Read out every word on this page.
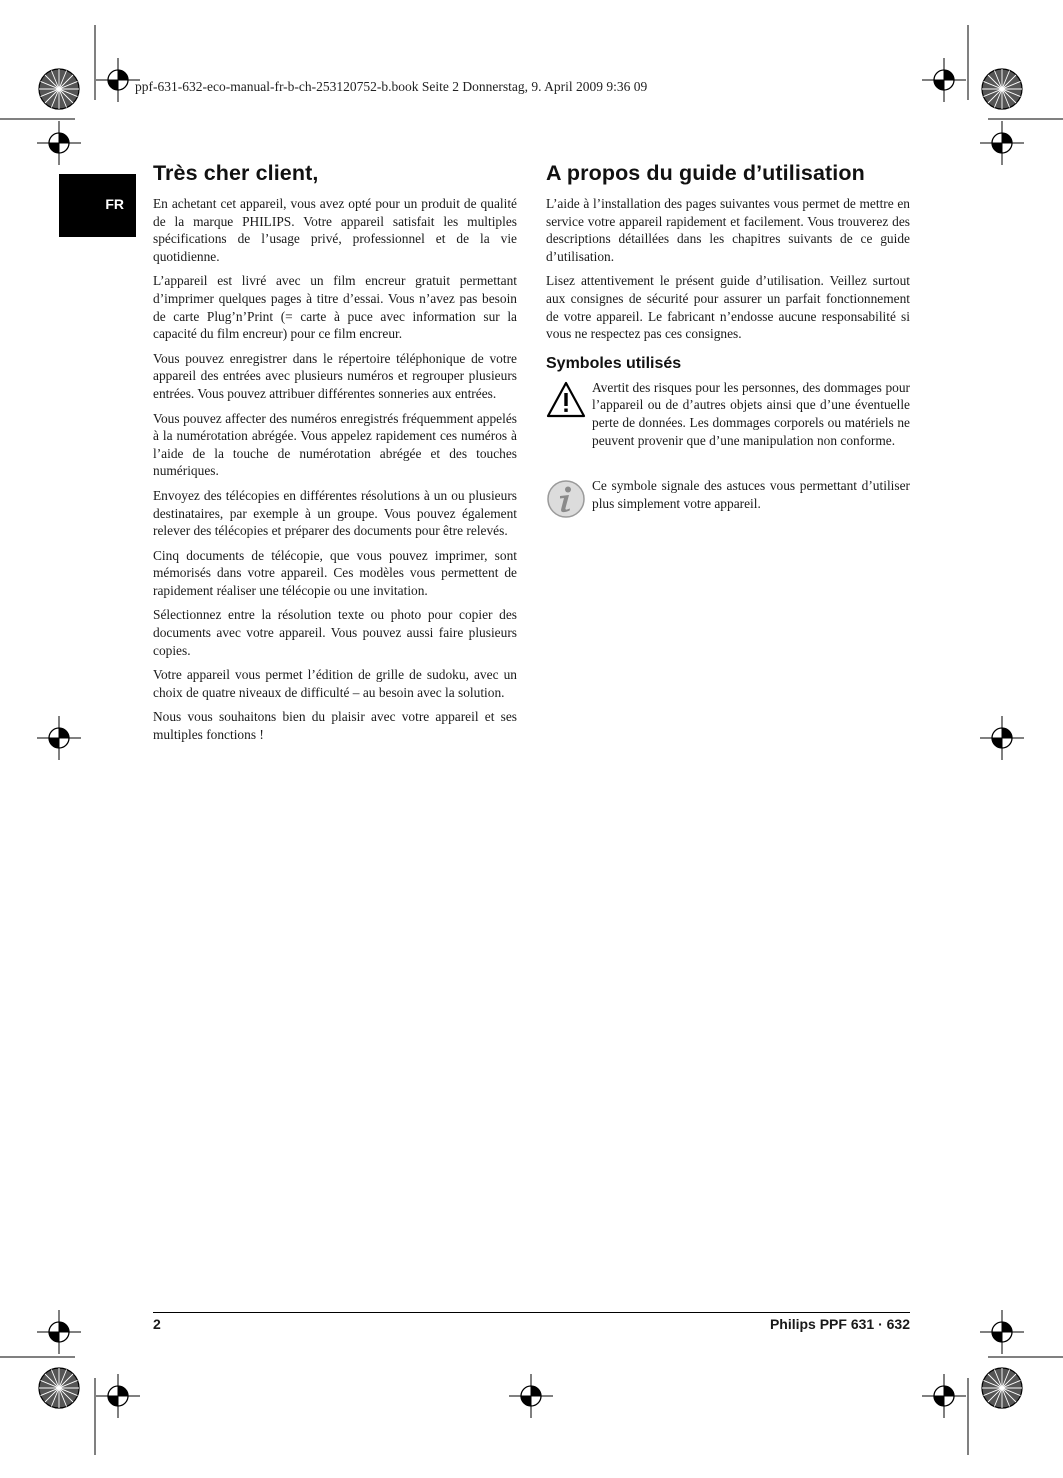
ppf-631-632-eco-manual-fr-b-ch-253120752-b.book Seite 2 Donnerstag, 9. April 2009 9:36 09
FR
Très cher client,

En achetant cet appareil, vous avez opté pour un produit de qualité de la marque PHILIPS. Votre appareil satisfait les multiples spécifications de l’usage privé, professionnel et de la vie quotidienne.

L’appareil est livré avec un film encreur gratuit permettant d’imprimer quelques pages à titre d’essai. Vous n’avez pas besoin de carte Plug’n’Print (= carte à puce avec information sur la capacité du film encreur) pour ce film encreur.

Vous pouvez enregistrer dans le répertoire téléphonique de votre appareil des entrées avec plusieurs numéros et regrouper plusieurs entrées. Vous pouvez attribuer différentes sonneries aux entrées.

Vous pouvez affecter des numéros enregistrés fréquemment appelés à la numérotation abrégée. Vous appelez rapidement ces numéros à l’aide de la touche de numérotation abrégée et des touches numériques.

Envoyez des télécopies en différentes résolutions à un ou plusieurs destinataires, par exemple à un groupe. Vous pouvez également relever des télécopies et préparer des documents pour être relevés.

Cinq documents de télécopie, que vous pouvez imprimer, sont mémorisés dans votre appareil. Ces modèles vous permettent de rapidement réaliser une télécopie ou une invitation.

Sélectionnez entre la résolution texte ou photo pour copier des documents avec votre appareil. Vous pouvez aussi faire plusieurs copies.

Votre appareil vous permet l’édition de grille de sudoku, avec un choix de quatre niveaux de difficulté – au besoin avec la solution.

Nous vous souhaitons bien du plaisir avec votre appareil et ses multiples fonctions !

A propos du guide d’utilisation

L’aide à l’installation des pages suivantes vous permet de mettre en service votre appareil rapidement et facilement. Vous trouverez des descriptions détaillées dans les chapitres suivants de ce guide d’utilisation.

Lisez attentivement le présent guide d’utilisation. Veillez surtout aux consignes de sécurité pour assurer un parfait fonctionnement de votre appareil. Le fabricant n’endosse aucune responsabilité si vous ne respectez pas ces consignes.

Symboles utilisés
Avertit des risques pour les personnes, des dommages pour l’appareil ou de d’autres objets ainsi que d’une éventuelle perte de données. Les dommages corporels ou matériels ne peuvent provenir que d’une manipulation non conforme.
Ce symbole signale des astuces vous permettant d’utiliser plus simplement votre appareil.
2	Philips PPF 631 · 632
